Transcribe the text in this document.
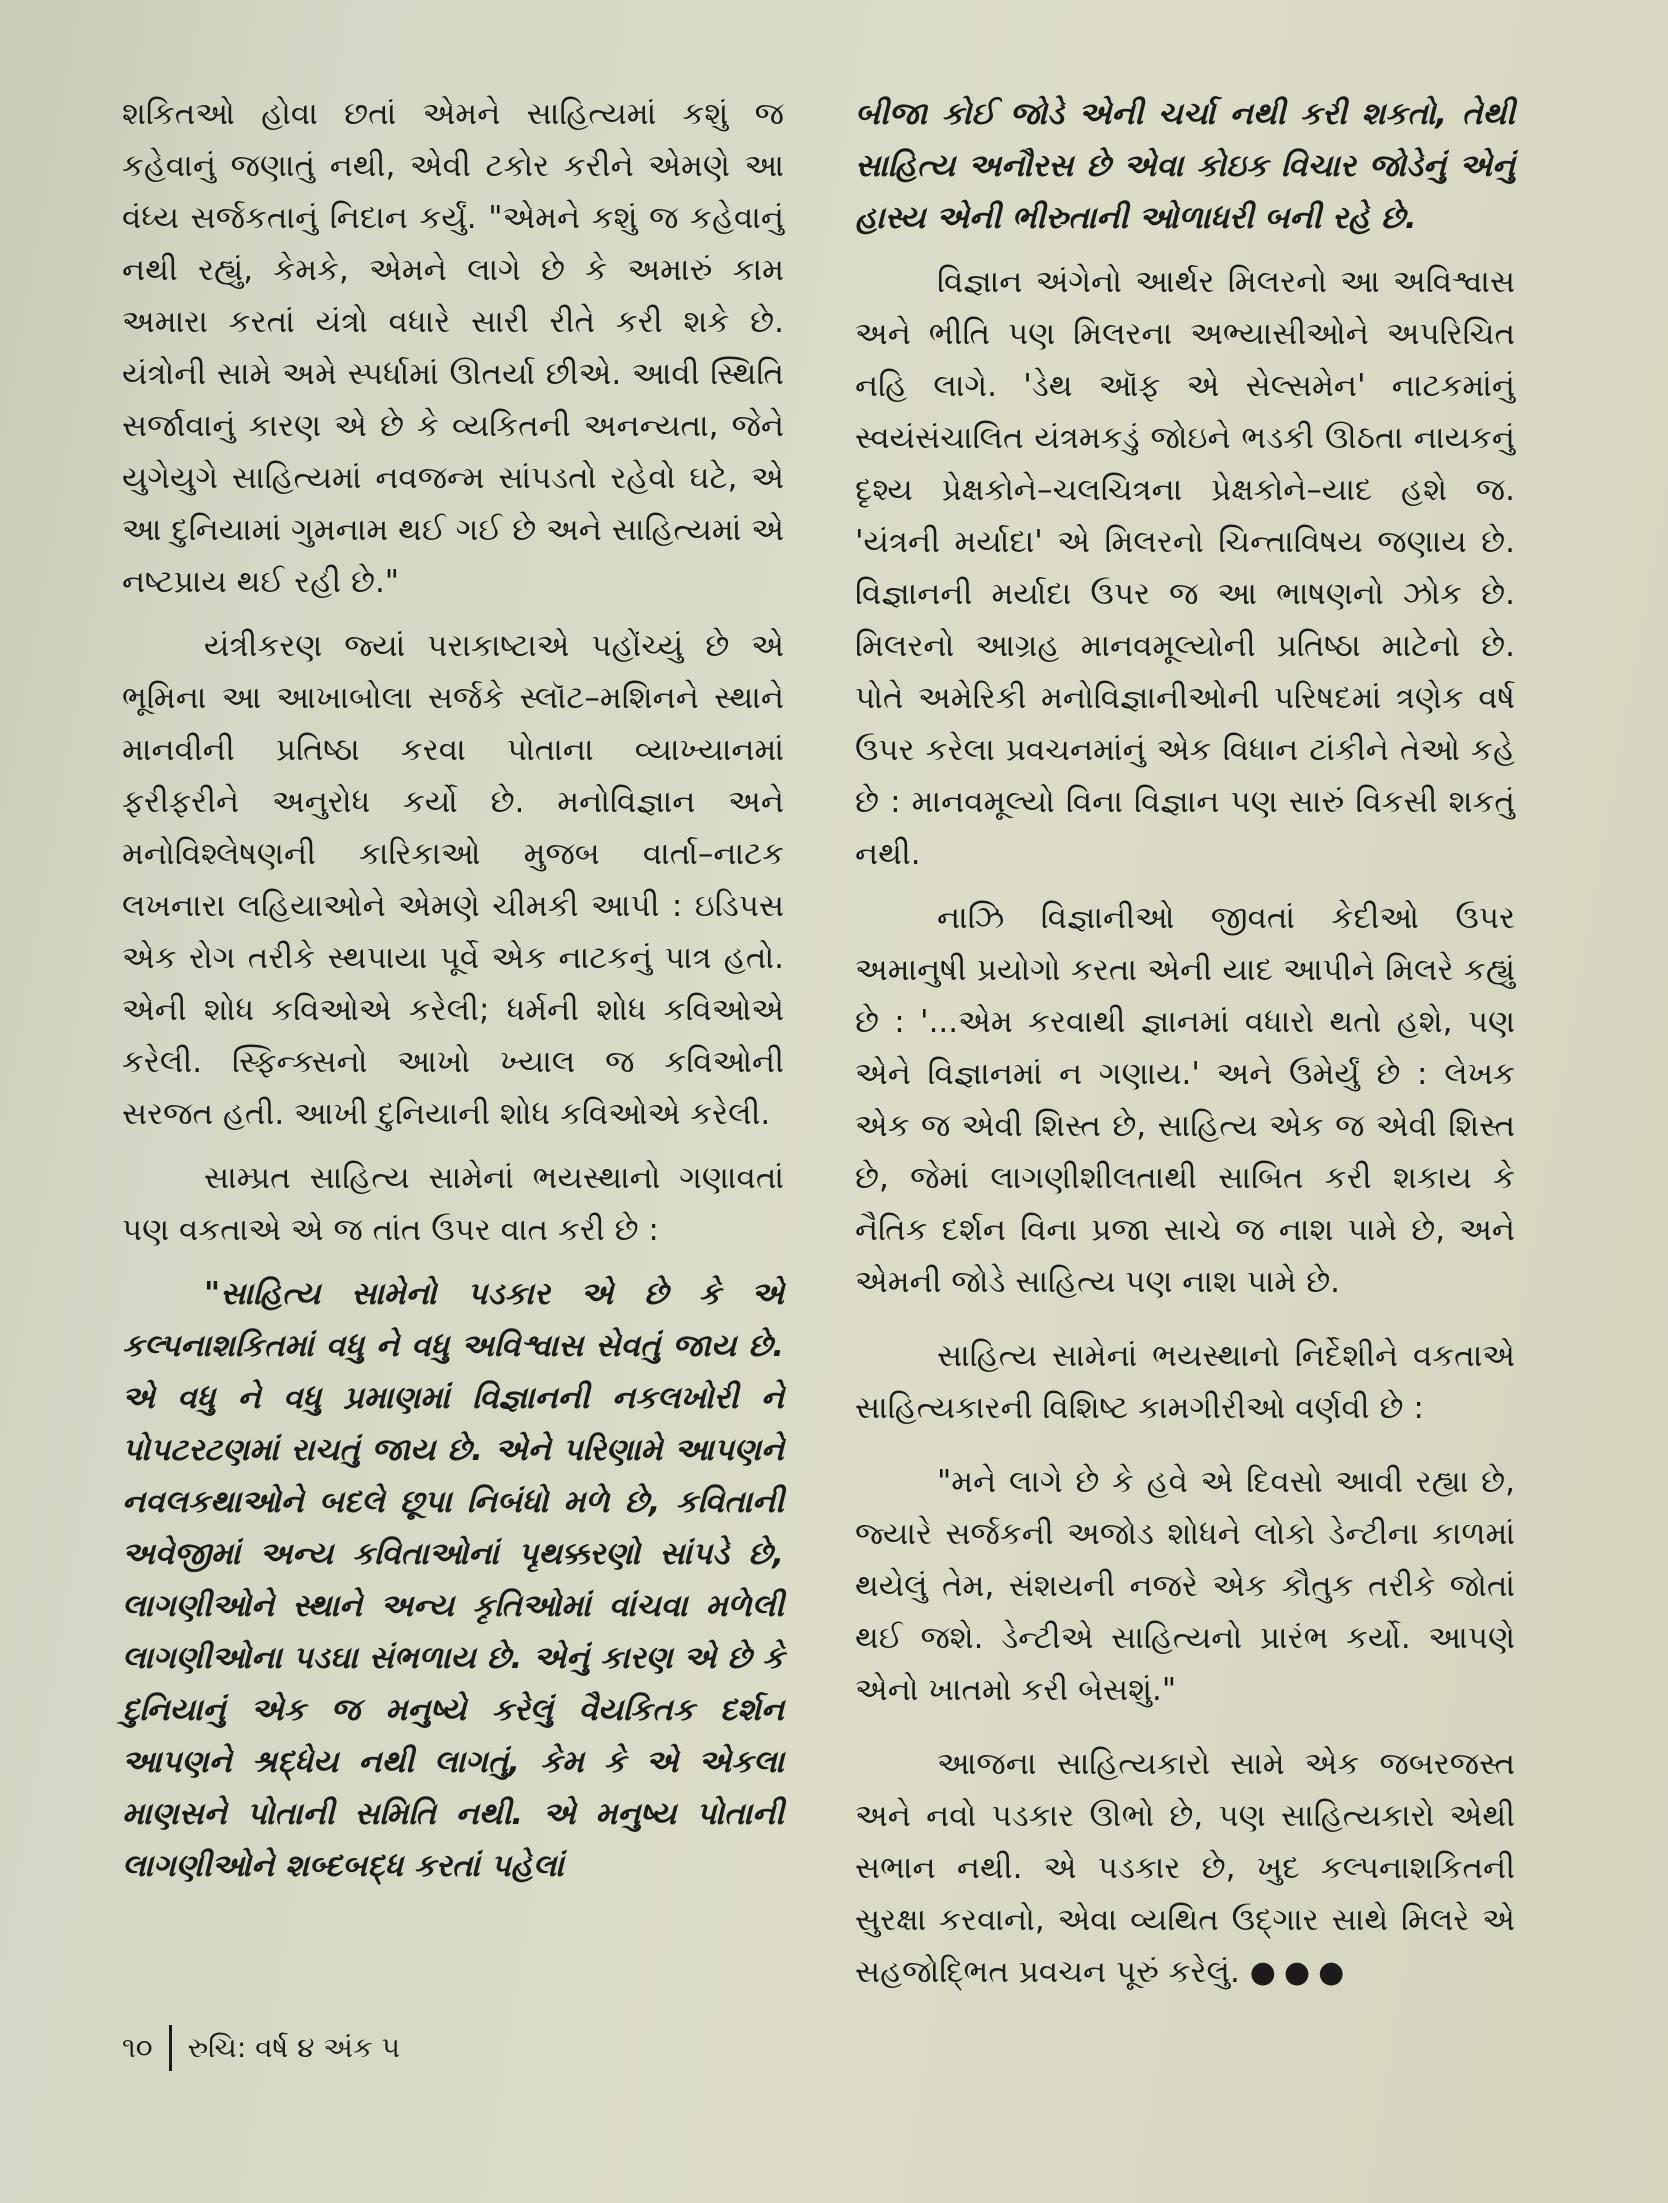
શકિતઓ હોવા છતાં એમને સાહિત્યમાં કશું જ કહેવાનું જણાતું નથી, એવી ટકોર કરીને એમણે આ વંધ્ય સર્જકતાનું નિદાન કર્યું. "એમને કશું જ કહેવાનું નથી રહ્યું, કેમકે, એમને લાગે છે કે અમારું કામ અમારા કરતાં યંત્રો વધારે સારી રીતે કરી શકે છે. યંત્રોની સામે અમે સ્પર્ધામાં ઊતર્યા છીએ. આવી સ્થિતિ સર્જાવાનું કારણ એ છે કે વ્યકિતની અનન્યતા, જેને યુગેયુગે સાહિત્યમાં નવજન્મ સાંપડતો રહેવો ઘટે, એ આ દુનિયામાં ગુમનામ થઈ ગઈ છે અને સાહિત્યમાં એ નષ્ટપ્રાય થઈ રહી છે."

યંત્રીકરણ જ્યાં પરાકાષ્ટાએ પહોંચ્યું છે એ ભૂમિના આ આખાબોલા સર્જકે સ્લૉટ–મશિનને સ્થાને માનવીની પ્રતિષ્ઠા કરવા પોતાના વ્યાખ્યાનમાં ફરીફરીને અનુરોધ કર્યો છે. મનોવિજ્ઞાન અને મનોવિશ્લેષણની કારિકાઓ મુજબ વાર્તા–નાટક લખનારા લહિયાઓને એમણે ચીમકી આપી : ઇડિપસ એક રોગ તરીકે સ્થપાયા પૂર્વે એક નાટકનું પાત્ર હતો. એની શોધ કવિઓએ કરેલી; ધર્મની શોધ કવિઓએ કરેલી. સ્ફિન્ક્સનો આખો ખ્યાલ જ કવિઓની સરજત હતી. આખી દુનિયાની શોધ કવિઓએ કરેલી.

સામ્પ્રત સાહિત્ય સામેનાં ભયસ્થાનો ગણાવતાં પણ વકતાએ એ જ તાંત ઉપર વાત કરી છે :

"સાહિત્ય સામેનો પડકાર એ છે કે એ કલ્પનાશકિતમાં વધુ ને વધુ અવિશ્વાસ સેવતું જાય છે. એ વધુ ને વધુ પ્રમાણમાં વિજ્ઞાનની નકલખોરી ને પોપટરટણમાં રાચતું જાય છે. એને પરિણામે આપણને નવલકથાઓને બદલે છૂપા નિબંધો મળે છે, કવિતાની અવેજીમાં અન્ય કવિતાઓનાં પૃથક્કરણો સાંપડે છે, લાગણીઓને સ્થાને અન્ય કૃતિઓમાં વાંચવા મળેલી લાગણીઓના પડઘા સંભળાય છે. એનું કારણ એ છે કે દુનિયાનું એક જ મનુષ્યે કરેલું વૈયકિતક દર્શન આપણને શ્રદ્ધેય નથી લાગતું, કેમ કે એ એકલા માણસને પોતાની સમિતિ નથી. એ મનુષ્ય પોતાની લાગણીઓને શબ્દબદ્ધ કરતાં પહેલાં

બીજા કોઈ જોડે એની ચર્ચા નથી કરી શકતો, તેથી સાહિત્ય અનૌરસ છે એવા કોઇક વિચાર જોડેનું એનું હાસ્ય એની ભીરુતાની ઓળાધરી બની રહે છે.

વિજ્ઞાન અંગેનો આર્થર મિલરનો આ અવિશ્વાસ અને ભીતિ પણ મિલરના અભ્યાસીઓને અપરિચિત નહિ લાગે. 'ડેથ ઑફ એ સેલ્સમેન' નાટકમાંનું સ્વયંસંચાલિત યંત્રમકડું જોઇને ભડકી ઊઠતા નાયકનું દૃશ્ય પ્રેક્ષકોને–ચલચિત્રના પ્રેક્ષકોને–યાદ હશે જ. 'યંત્રની મર્યાદા' એ મિલરનો ચિન્તાવિષય જણાય છે. વિજ્ઞાનની મર્યાદા ઉપર જ આ ભાષણનો ઝોક છે. મિલરનો આગ્રહ માનવમૂલ્યોની પ્રતિષ્ઠા માટેનો છે. પોતે અમેરિકી મનોવિજ્ઞાનીઓની પરિષદમાં ત્રણેક વર્ષ ઉપર કરેલા પ્રવચનમાંનું એક વિધાન ટાંકીને તેઓ કહે છે : માનવમૂલ્યો વિના વિજ્ઞાન પણ સારું વિકસી શકતું નથી.

નાઝિ વિજ્ઞાનીઓ જીવતાં કેદીઓ ઉપર અમાનુષી પ્રયોગો કરતા એની યાદ આપીને મિલરે કહ્યું છે : '...એમ કરવાથી જ્ઞાનમાં વધારો થતો હશે, પણ એને વિજ્ઞાનમાં ન ગણાય.' અને ઉમેર્યું છે : લેખક એક જ એવી શિસ્ત છે, સાહિત્ય એક જ એવી શિસ્ત છે, જેમાં લાગણીશીલતાથી સાબિત કરી શકાય કે નૈતિક દર્શન વિના પ્રજા સાચે જ નાશ પામે છે, અને એમની જોડે સાહિત્ય પણ નાશ પામે છે.

સાહિત્ય સામેનાં ભયસ્થાનો નિર્દેશીને વકતાએ સાહિત્યકારની વિશિષ્ટ કામગીરીઓ વર્ણવી છે :

"મને લાગે છે કે હવે એ દિવસો આવી રહ્યા છે, જ્યારે સર્જકની અજોડ શોધને લોકો ડેન્ટીના કાળમાં થયેલું તેમ, સંશયની નજરે એક કૌતુક તરીકે જોતાં થઈ જશે. ડેન્ટીએ સાહિત્યનો પ્રારંભ કર્યો. આપણે એનો ખાતમો કરી બેસશું."

આજના સાહિત્યકારો સામે એક જબરજસ્ત અને નવો પડકાર ઊભો છે, પણ સાહિત્યકારો એથી સભાન નથી. એ પડકાર છે, ખુદ કલ્પનાશકિતની સુરક્ષા કરવાનો, એવા વ્યથિત ઉદ્ગાર સાથે મિલરે એ સહજોદ્ભિત પ્રવચન પૂરું કરેલું. ●●●

૧૦ રુચિ: વર્ષ ૪ અંક ૫
